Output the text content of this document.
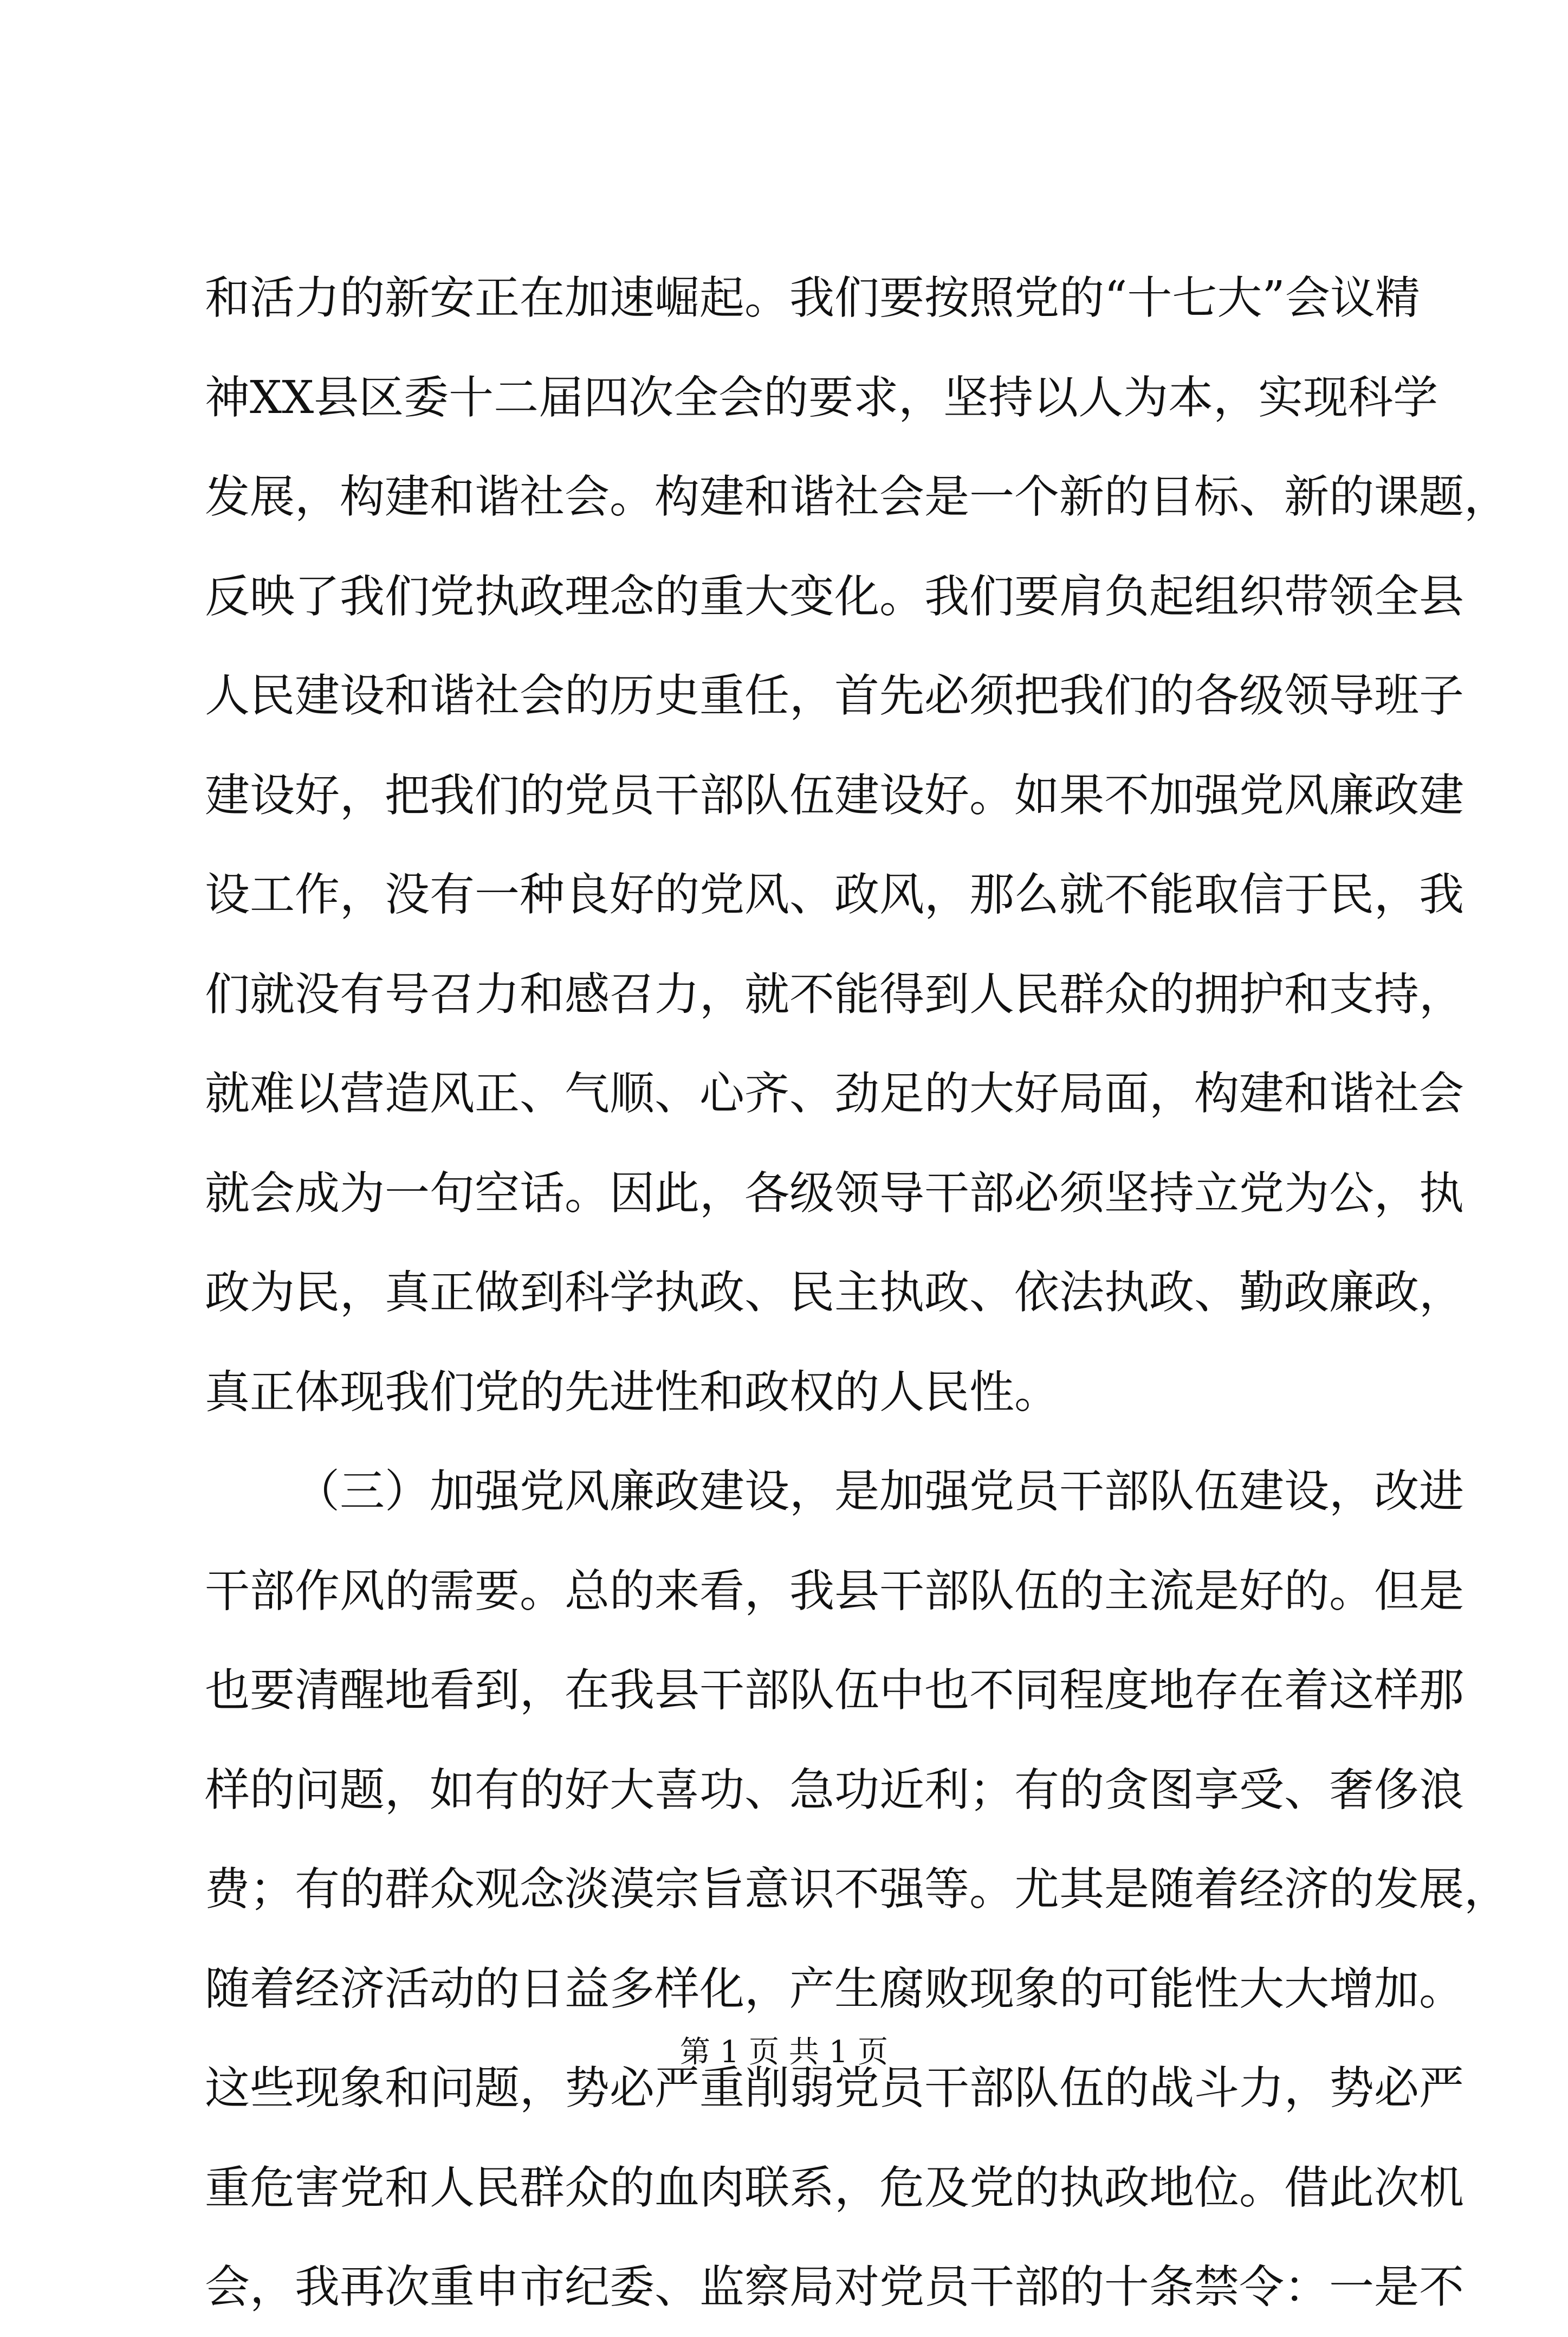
和活力的新安正在加速崛起。我们要按照党的“十七大”会议精
神XX县区委十二届四次全会的要求，坚持以人为本，实现科学
发展，构建和谐社会。构建和谐社会是一个新的目标、新的课题，
反映了我们党执政理念的重大变化。我们要肩负起组织带领全县
人民建设和谐社会的历史重任，首先必须把我们的各级领导班子
建设好，把我们的党员干部队伍建设好。如果不加强党风廉政建
设工作，没有一种良好的党风、政风，那么就不能取信于民，我
们就没有号召力和感召力，就不能得到人民群众的拥护和支持，
就难以营造风正、气顺、心齐、劲足的大好局面，构建和谐社会
就会成为一句空话。因此，各级领导干部必须坚持立党为公，执
政为民，真正做到科学执政、民主执政、依法执政、勤政廉政，
真正体现我们党的先进性和政权的人民性。
（三）加强党风廉政建设，是加强党员干部队伍建设，改进
干部作风的需要。总的来看，我县干部队伍的主流是好的。但是
也要清醒地看到，在我县干部队伍中也不同程度地存在着这样那
样的问题，如有的好大喜功、急功近利；有的贪图享受、奢侈浪
费；有的群众观念淡漠宗旨意识不强等。尤其是随着经济的发展，
随着经济活动的日益多样化，产生腐败现象的可能性大大增加。
这些现象和问题，势必严重削弱党员干部队伍的战斗力，势必严
重危害党和人民群众的血肉联系，危及党的执政地位。借此次机
会，我再次重申市纪委、监察局对党员干部的十条禁令：一是不
第 1 页 共 1 页
